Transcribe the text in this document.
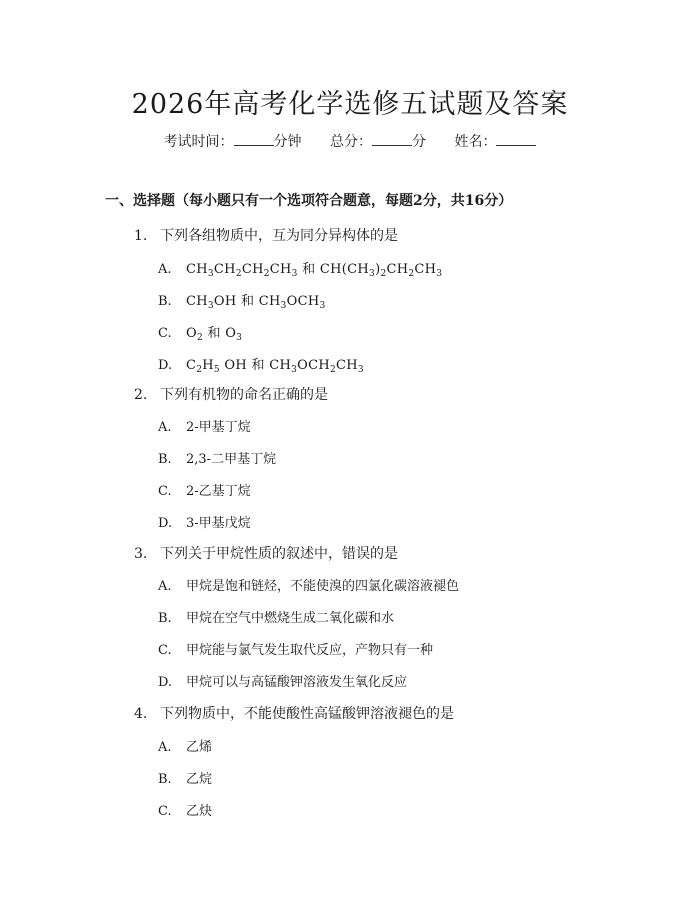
2026年高考化学选修五试题及答案
考试时间：	分钟 总分：	分 姓名：
一、选择题（每小题只有一个选项符合题意，每题2分，共16分）
1. 下列各组物质中，互为同分异构体的是
A. $CH_3CH_2CH_2CH_3$ 和 $CH(CH_3)_2CH_2CH_3$
B. $CH_3OH$ 和 $CH_3OCH_3$
C. $O_2$ 和 $O_3$
D. $C_2H_5$ OH 和 $CH_3OCH_2CH_3$
2. 下列有机物的命名正确的是
A. 2-甲基丁烷
B. 2,3-二甲基丁烷
C. 2-乙基丁烷
D. 3-甲基戊烷
3. 下列关于甲烷性质的叙述中，错误的是
A. 甲烷是饱和链烃，不能使溴的四氯化碳溶液褪色
B. 甲烷在空气中燃烧生成二氧化碳和水
C. 甲烷能与氯气发生取代反应，产物只有一种
D. 甲烷可以与高锰酸钾溶液发生氧化反应
4. 下列物质中，不能使酸性高锰酸钾溶液褪色的是
A. 乙烯
B. 乙烷
C. 乙炔
